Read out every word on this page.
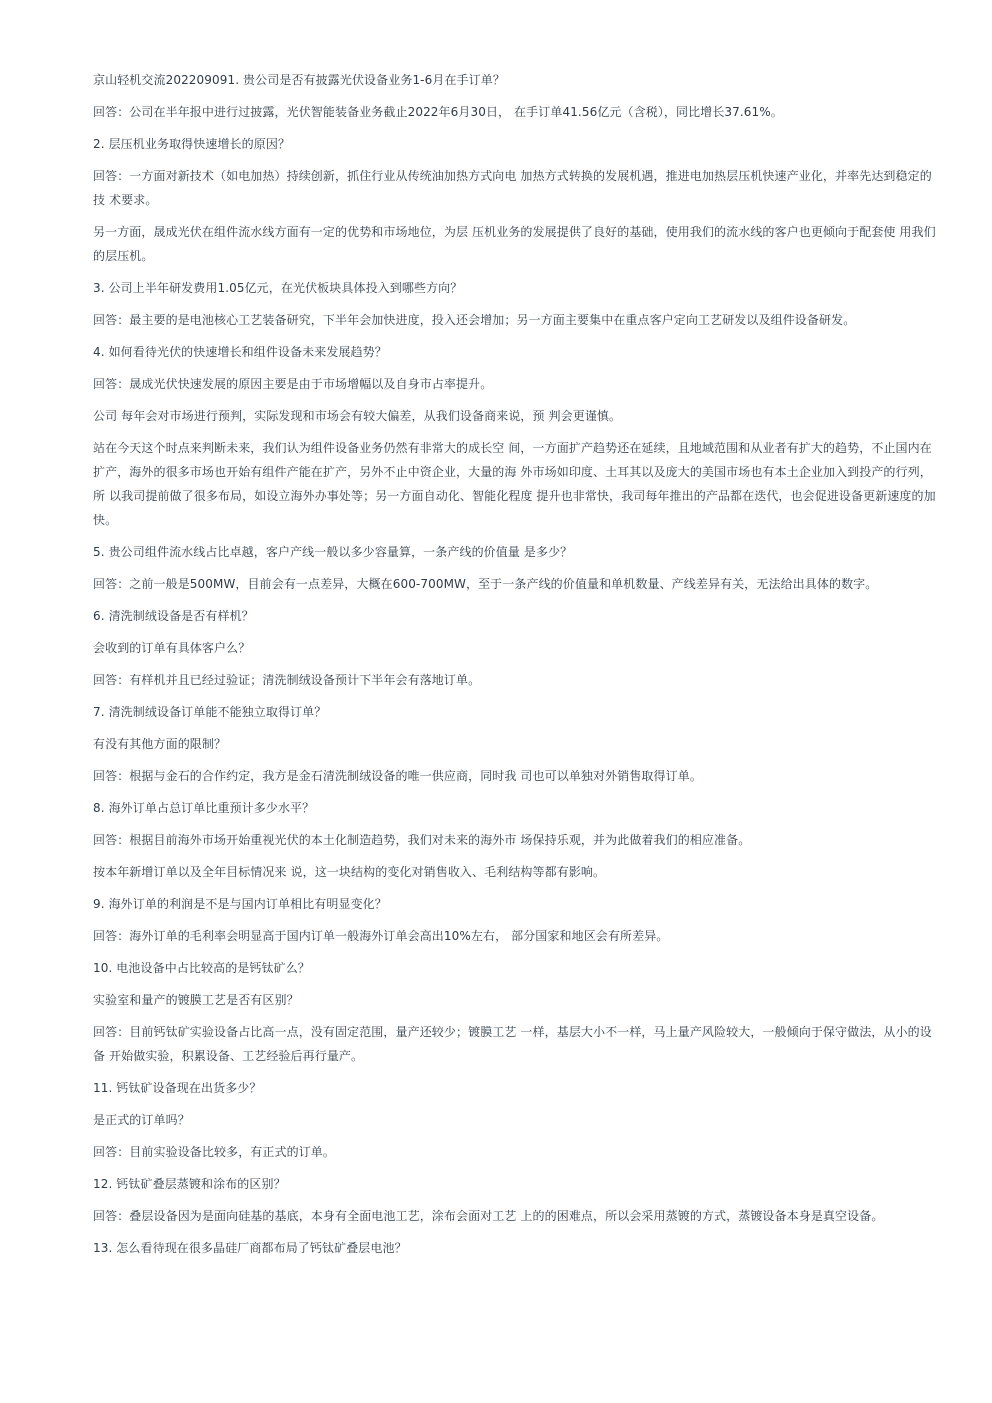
京山轻机交流202209091. 贵公司是否有披露光伏设备业务1-6月在手订单？

回答：公司在半年报中进行过披露，光伏智能装备业务截止2022年6月30日， 在手订单41.56亿元（含税），同比增长37.61%。

2. 层压机业务取得快速增长的原因？

回答：一方面对新技术（如电加热）持续创新，抓住行业从传统油加热方式向电 加热方式转换的发展机遇，推进电加热层压机快速产业化，并率先达到稳定的技 术要求。

另一方面，晟成光伏在组件流水线方面有一定的优势和市场地位，为层 压机业务的发展提供了良好的基础，使用我们的流水线的客户也更倾向于配套使 用我们的层压机。

3. 公司上半年研发费用1.05亿元，在光伏板块具体投入到哪些方向？

回答：最主要的是电池核心工艺装备研究，下半年会加快进度，投入还会增加；另一方面主要集中在重点客户定向工艺研发以及组件设备研发。

4. 如何看待光伏的快速增长和组件设备未来发展趋势？

回答：晟成光伏快速发展的原因主要是由于市场增幅以及自身市占率提升。

公司 每年会对市场进行预判，实际发现和市场会有较大偏差，从我们设备商来说，预 判会更谨慎。

站在今天这个时点来判断未来，我们认为组件设备业务仍然有非常大的成长空 间，一方面扩产趋势还在延续，且地域范围和从业者有扩大的趋势，不止国内在 扩产，海外的很多市场也开始有组件产能在扩产，另外不止中资企业，大量的海 外市场如印度、土耳其以及庞大的美国市场也有本土企业加入到投产的行列，所 以我司提前做了很多布局，如设立海外办事处等；另一方面自动化、智能化程度 提升也非常快，我司每年推出的产品都在迭代，也会促进设备更新速度的加快。

5. 贵公司组件流水线占比卓越，客户产线一般以多少容量算，一条产线的价值量 是多少？

回答：之前一般是500MW，目前会有一点差异，大概在600-700MW，至于一条产线的价值量和单机数量、产线差异有关，无法给出具体的数字。

6. 清洗制绒设备是否有样机？

会收到的订单有具体客户么？

回答：有样机并且已经过验证；清洗制绒设备预计下半年会有落地订单。

7. 清洗制绒设备订单能不能独立取得订单？

有没有其他方面的限制？

回答：根据与金石的合作约定，我方是金石清洗制绒设备的唯一供应商，同时我 司也可以单独对外销售取得订单。

8. 海外订单占总订单比重预计多少水平？

回答：根据目前海外市场开始重视光伏的本土化制造趋势，我们对未来的海外市 场保持乐观，并为此做着我们的相应准备。

按本年新增订单以及全年目标情况来 说，这一块结构的变化对销售收入、毛利结构等都有影响。

9. 海外订单的利润是不是与国内订单相比有明显变化？

回答：海外订单的毛利率会明显高于国内订单一般海外订单会高出10%左右， 部分国家和地区会有所差异。

10. 电池设备中占比较高的是钙钛矿么？

实验室和量产的镀膜工艺是否有区别？

回答：目前钙钛矿实验设备占比高一点，没有固定范围，量产还较少；镀膜工艺 一样，基层大小不一样，马上量产风险较大，一般倾向于保守做法，从小的设备 开始做实验，积累设备、工艺经验后再行量产。

11. 钙钛矿设备现在出货多少？

是正式的订单吗？

回答：目前实验设备比较多，有正式的订单。

12. 钙钛矿叠层蒸镀和涂布的区别？

回答：叠层设备因为是面向硅基的基底，本身有全面电池工艺，涂布会面对工艺 上的的困难点，所以会采用蒸镀的方式，蒸镀设备本身是真空设备。

13. 怎么看待现在很多晶硅厂商都布局了钙钛矿叠层电池？
